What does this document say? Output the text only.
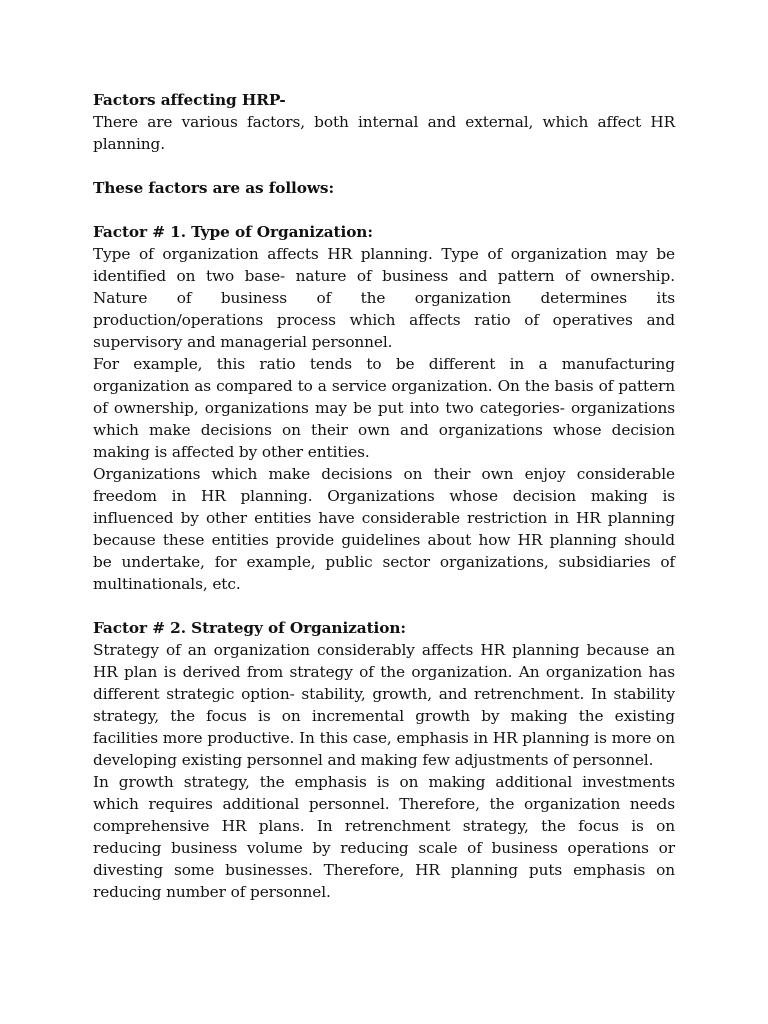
Factors affecting HRP-

There are various factors, both internal and external, which affect HR planning.

These factors are as follows:
Factor # 1. Type of Organization:

Type of organization affects HR planning. Type of organization may be identified on two base- nature of business and pattern of ownership. Nature of business of the organization determines its production/operations process which affects ratio of operatives and supervisory and managerial personnel.

For example, this ratio tends to be different in a manufacturing organization as compared to a service organization. On the basis of pattern of ownership, organizations may be put into two categories- organizations which make decisions on their own and organizations whose decision making is affected by other entities.

Organizations which make decisions on their own enjoy considerable freedom in HR planning. Organizations whose decision making is influenced by other entities have considerable restriction in HR planning because these entities provide guidelines about how HR planning should be undertake, for example, public sector organizations, subsidiaries of multinationals, etc.

Factor # 2. Strategy of Organization:

Strategy of an organization considerably affects HR planning because an HR plan is derived from strategy of the organization. An organization has different strategic option- stability, growth, and retrenchment. In stability strategy, the focus is on incremental growth by making the existing facilities more productive. In this case, emphasis in HR planning is more on developing existing personnel and making few adjustments of personnel.

In growth strategy, the emphasis is on making additional investments which requires additional personnel. Therefore, the organization needs comprehensive HR plans. In retrenchment strategy, the focus is on reducing business volume by reducing scale of business operations or divesting some businesses. Therefore, HR planning puts emphasis on reducing number of personnel.
